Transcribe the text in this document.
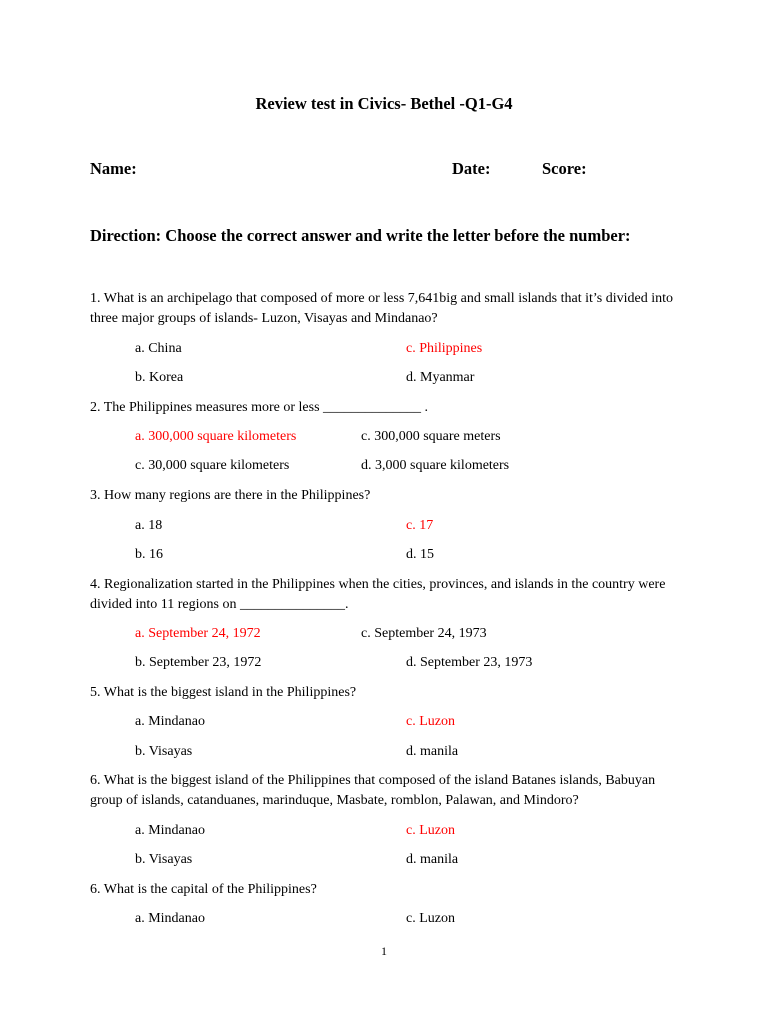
Review test in Civics- Bethel -Q1-G4
Name:	Date:	Score:
Direction: Choose the correct answer and write the letter before the number:
1. What is an archipelago that composed of more or less 7,641big and small islands that it’s divided into three major groups of islands- Luzon, Visayas and Mindanao?
a. China	c. Philippines
b. Korea	d. Myanmar
2. The Philippines measures more or less ______________ .
a. 300,000 square kilometers	c. 300,000 square meters
c. 30,000 square kilometers	d. 3,000 square kilometers
3. How many regions are there in the Philippines?
a. 18	c. 17
b. 16	d. 15
4. Regionalization started in the Philippines when the cities, provinces, and islands in the country were divided into 11 regions on _______________.
a. September 24, 1972	c. September 24, 1973
b. September 23, 1972	d. September 23, 1973
5. What is the biggest island in the Philippines?
a. Mindanao	c. Luzon
b. Visayas	d. manila
6. What is the biggest island of the Philippines that composed of the island Batanes islands, Babuyan group of islands, catanduanes, marinduque, Masbate, romblon, Palawan, and Mindoro?
a. Mindanao	c. Luzon
b. Visayas	d. manila
6. What is the capital of the Philippines?
a. Mindanao	c. Luzon
1
